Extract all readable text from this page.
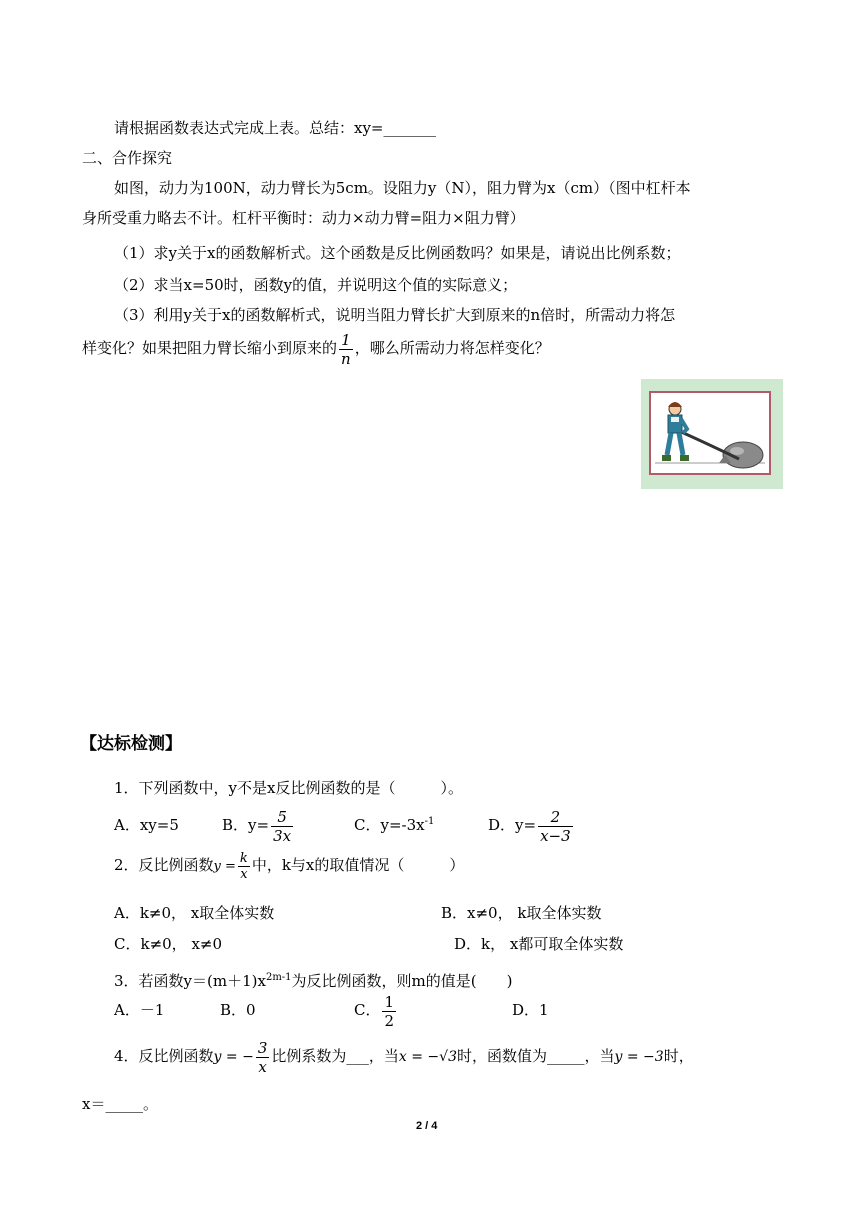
请根据函数表达式完成上表。总结：xy=_______
二、合作探究
如图，动力为100N，动力臂长为5cm。设阻力y（N），阻力臂为x（cm）（图中杠杆本
身所受重力略去不计。杠杆平衡时：动力×动力臂=阻力×阻力臂）
（1）求y关于x的函数解析式。这个函数是反比例函数吗？如果是，请说出比例系数；
（2）求当x=50时，函数y的值，并说明这个值的实际意义；
（3）利用y关于x的函数解析式，说明当阻力臂长扩大到原来的n倍时，所需动力将怎
样变化？如果把阻力臂长缩小到原来的 $\frac{1}{n}$ ，哪么所需动力将怎样变化？
【达标检测】
1．下列函数中，y不是x反比例函数的是（　　　）。
A．xy=5	B．$y= \frac{5}{3x}$	C．$y=-3x^{-1}$	D．$y= \frac{2}{x-3}$
2．反比例函数$y = \frac{k}{x}$ 中，k与x的取值情况（　　　）
A．k≠0， x取全体实数	B．x≠0， k取全体实数
C．k≠0， x≠0	D．k， x都可取全体实数
3．若函数$y=(m+1)x^{2m-1}$为反比例函数，则m的值是(　　)
A．－1	B．0	C． $\frac{1}{2}$	D．1
4．反比例函数y = − $\frac{3}{x}$ 比例系数为___，当x = −√3时，函数值为_____，当y = −3时，
x＝_____。
2 / 4
